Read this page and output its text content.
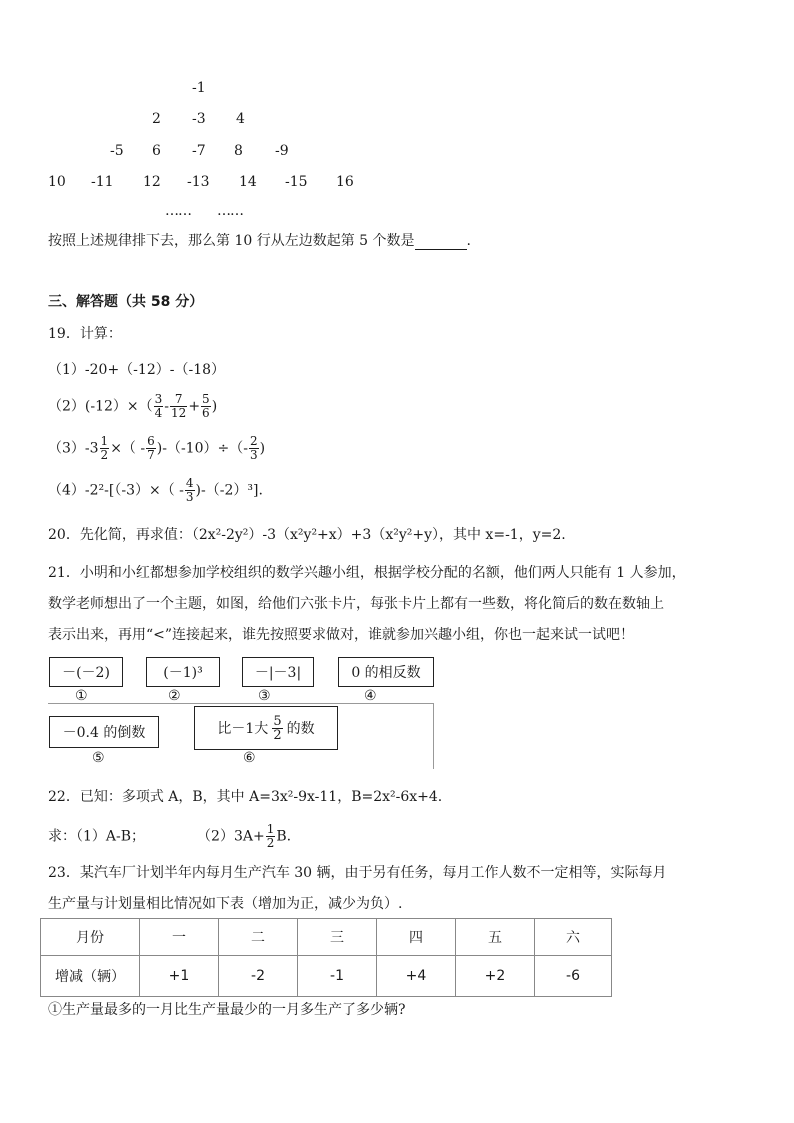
-1
2 -3 4
-5 6 -7 8 -9
10 -11 12 -13 14 -15 16
…… ……
按照上述规律排下去，那么第 10 行从左边数起第 5 个数是	.
三、解答题（共 58 分）
19．计算：
（1）-20+（-12）-（-18）
$(2)(-12)\times( \frac{3}{4} - \frac{7}{12} + \frac{5}{6}$ )
$(3)-3 \frac{1}{2}$ ×（ - $\frac{6}{7} )-(-10)\div(- \frac{2}{3}$ )
$(4)-2^2-[(-3)\times( - \frac{4}{3} )-(-2)^3]$.
20．先化简，再求值：（2x²-2y²）-3（x²y²+x）+3（x²y²+y），其中 x=-1，y=2.
21．小明和小红都想参加学校组织的数学兴趣小组，根据学校分配的名额，他们两人只能有 1 人参加，
数学老师想出了一个主题，如图，给他们六张卡片，每张卡片上都有一些数，将化简后的数在数轴上
表示出来，再用“<”连接起来，谁先按照要求做对，谁就参加兴趣小组，你也一起来试一试吧！
－(－2)
①
(－1)³
②
－|－3|
③
0 的相反数
④
－0.4 的倒数
⑤
比－1大 $\frac{5}{2}$ 的数
⑥
22．已知：多项式 A，B，其中 A=3x²-9x-11，B=2x²-6x+4.
求：（1）A-B；	$(2)3A+ \frac{1}{2} B$.
23．某汽车厂计划半年内每月生产汽车 30 辆，由于另有任务，每月工作人数不一定相等，实际每月
生产量与计划量相比情况如下表（增加为正，减少为负）.
月份	一	二	三	四	五	六
增减（辆）	+1	-2	-1	+4	+2	-6
①生产量最多的一月比生产量最少的一月多生产了多少辆?
